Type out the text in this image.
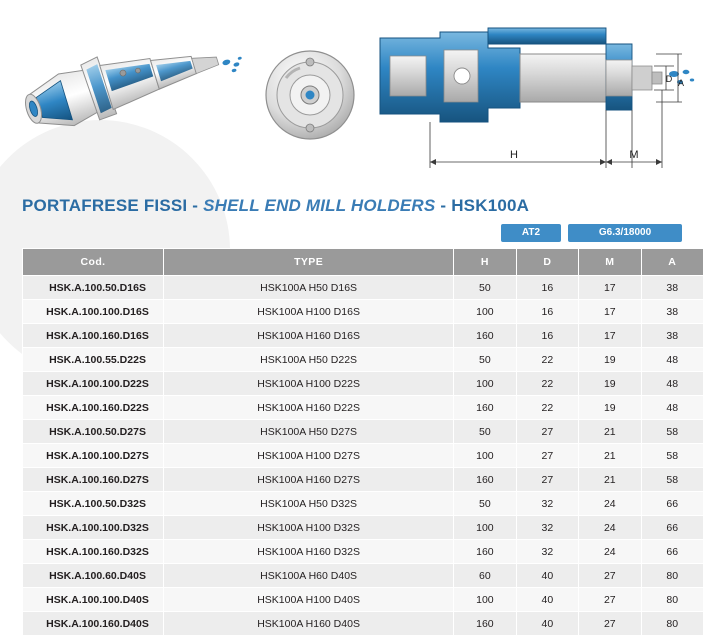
H	M
D A
PORTAFRESE FISSI - SHELL END MILL HOLDERS - HSK100A
AT2	G6.3/18000
Cod.	TYPE	H	D	M	A
HSK.A.100.50.D16S	HSK100A H50 D16S	50	16	17	38
HSK.A.100.100.D16S	HSK100A H100 D16S	100	16	17	38
HSK.A.100.160.D16S	HSK100A H160 D16S	160	16	17	38
HSK.A.100.55.D22S	HSK100A H50 D22S	50	22	19	48
HSK.A.100.100.D22S	HSK100A H100 D22S	100	22	19	48
HSK.A.100.160.D22S	HSK100A H160 D22S	160	22	19	48
HSK.A.100.50.D27S	HSK100A H50 D27S	50	27	21	58
HSK.A.100.100.D27S	HSK100A H100 D27S	100	27	21	58
HSK.A.100.160.D27S	HSK100A H160 D27S	160	27	21	58
HSK.A.100.50.D32S	HSK100A H50 D32S	50	32	24	66
HSK.A.100.100.D32S	HSK100A H100 D32S	100	32	24	66
HSK.A.100.160.D32S	HSK100A H160 D32S	160	32	24	66
HSK.A.100.60.D40S	HSK100A H60 D40S	60	40	27	80
HSK.A.100.100.D40S	HSK100A H100 D40S	100	40	27	80
HSK.A.100.160.D40S	HSK100A H160 D40S	160	40	27	80
